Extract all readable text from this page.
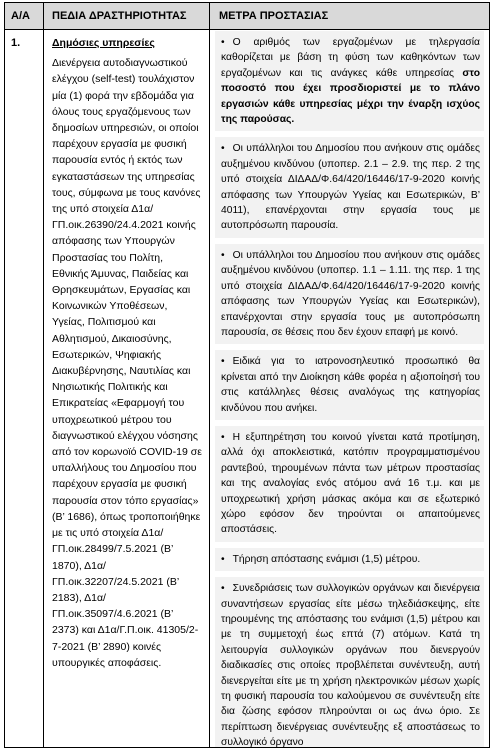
Α/Α ΠΕΔΙΑ ΔΡΑΣΤΗΡΙΟΤΗΤΑΣ	ΜΕΤΡΑ ΠΡΟΣΤΑΣΙΑΣ
1.	Δημόσιες υπηρεσίες
Διενέργεια αυτοδιαγνωστικού ελέγχου (self-test) τουλάχιστον μία (1) φορά την εβδομάδα για όλους τους εργαζόμενους των δημοσίων υπηρεσιών, οι οποίοι παρέχουν εργασία με φυσική παρουσία εντός ή εκτός των εγκαταστάσεων της υπηρεσίας τους, σύμφωνα με τους κανόνες της υπό στοιχεία Δ1α/ΓΠ.οικ.26390/24.4.2021 κοινής απόφασης των Υπουργών Προστασίας του Πολίτη, Εθνικής Άμυνας, Παιδείας και Θρησκευμάτων, Εργασίας και Κοινωνικών Υποθέσεων, Υγείας, Πολιτισμού και Αθλητισμού, Δικαιοσύνης, Εσωτερικών, Ψηφιακής Διακυβέρνησης, Ναυτιλίας και Νησιωτικής Πολιτικής και Επικρατείας «Εφαρμογή του υποχρεωτικού μέτρου του διαγνωστικού ελέγχου νόσησης από τον κορωνοϊό COVID-19 σε υπαλλήλους του Δημοσίου που παρέχουν εργασία με φυσική παρουσία στον τόπο εργασίας» (Β’ 1686), όπως τροποποιήθηκε με τις υπό στοιχεία Δ1α/ΓΠ.οικ.28499/7.5.2021 (Β’ 1870), Δ1α/ΓΠ.οικ.32207/24.5.2021 (Β’ 2183), Δ1α/ΓΠ.οικ.35097/4.6.2021 (Β’ 2373) και Δ1α/Γ.Π.οικ. 41305/2-7-2021 (Β’ 2890) κοινές υπουργικές αποφάσεις.
• Ο αριθμός των εργαζομένων με τηλεργασία καθορίζεται με βάση τη φύση των καθηκόντων των εργαζομένων και τις ανάγκες κάθε υπηρεσίας στο ποσοστό που έχει προσδιοριστεί με το πλάνο εργασιών κάθε υπηρεσίας μέχρι την έναρξη ισχύος της παρούσας.
• Οι υπάλληλοι του Δημοσίου που ανήκουν στις ομάδες αυξημένου κινδύνου (υποπερ. 2.1 – 2.9. της περ. 2 της υπό στοιχεία ΔΙΔΑΔ/Φ.64/420/16446/17-9-2020 κοινής απόφασης των Υπουργών Υγείας και Εσωτερικών, Β’ 4011), επανέρχονται στην εργασία τους με αυτοπρόσωπη παρουσία.
• Οι υπάλληλοι του Δημοσίου που ανήκουν στις ομάδες αυξημένου κινδύνου (υποπερ. 1.1 – 1.11. της περ. 1 της υπό στοιχεία ΔΙΔΑΔ/Φ.64/420/16446/17-9-2020 κοινής απόφασης των Υπουργών Υγείας και Εσωτερικών), επανέρχονται στην εργασία τους με αυτοπρόσωπη παρουσία, σε θέσεις που δεν έχουν επαφή με κοινό.
• Ειδικά για το ιατρονοσηλευτικό προσωπικό θα κρίνεται από την Διοίκηση κάθε φορέα η αξιοποίησή του στις κατάλληλες θέσεις αναλόγως της κατηγορίας κινδύνου που ανήκει.
• Η εξυπηρέτηση του κοινού γίνεται κατά προτίμηση, αλλά όχι αποκλειστικά, κατόπιν προγραμματισμένου ραντεβού, τηρουμένων πάντα των μέτρων προστασίας και της αναλογίας ενός ατόμου ανά 16 τ.μ. και με υποχρεωτική χρήση μάσκας ακόμα και σε εξωτερικό χώρο εφόσον δεν τηρούνται οι απαιτούμενες αποστάσεις.
• Τήρηση απόστασης ενάμισι (1,5) μέτρου.
• Συνεδριάσεις των συλλογικών οργάνων και διενέργεια συναντήσεων εργασίας είτε μέσω τηλεδιάσκεψης, είτε τηρουμένης της απόστασης του ενάμισι (1,5) μέτρου και με τη συμμετοχή έως επτά (7) ατόμων. Κατά τη λειτουργία συλλογικών οργάνων που διενεργούν διαδικασίες στις οποίες προβλέπεται συνέντευξη, αυτή διενεργείται είτε με τη χρήση ηλεκτρονικών μέσων χωρίς τη φυσική παρουσία του καλούμενου σε συνέντευξη είτε δια ζώσης εφόσον πληρούνται οι ως άνω όριο. Σε περίπτωση διενέργειας συνέντευξης εξ αποστάσεως το συλλογικό όργανο
